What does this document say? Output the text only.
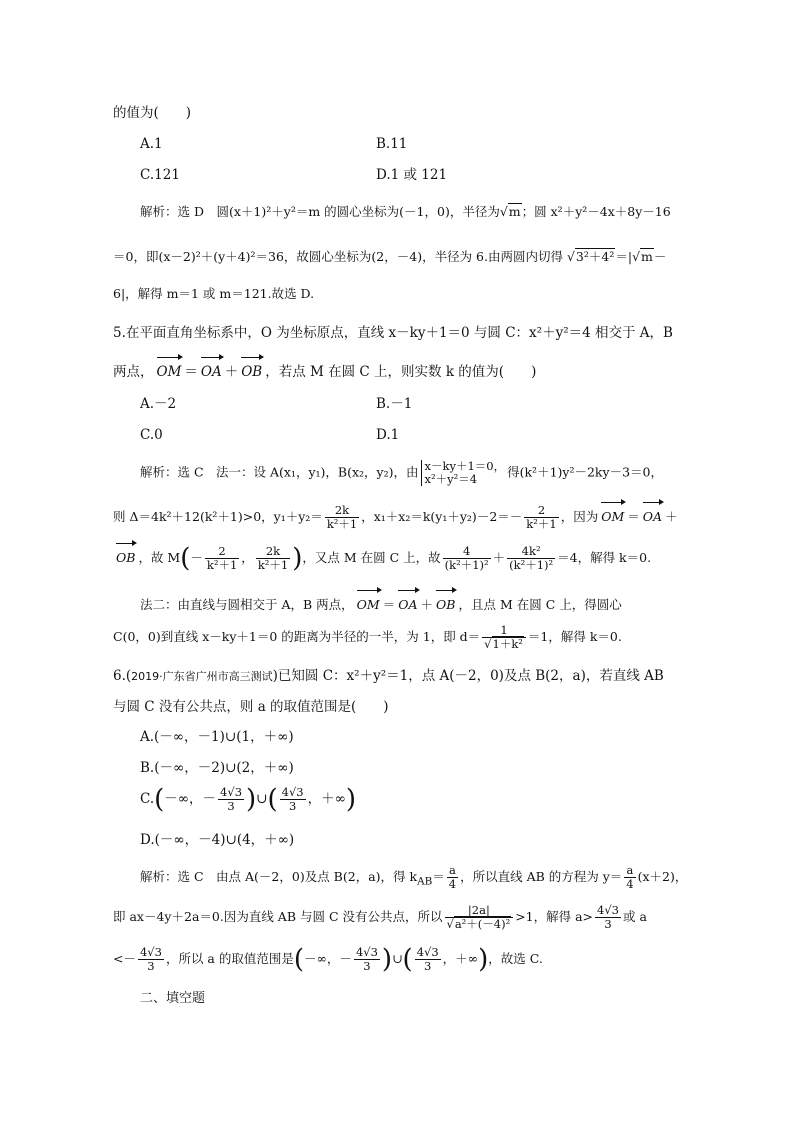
的值为(　　)
A.1	B.11
C.121	D.1 或 121
解析：选 D　圆(x＋1)²＋y²＝m 的圆心坐标为(－1，0)，半径为√m；圆 x²＋y²－4x＋8y－16
＝0，即(x－2)²＋(y＋4)²＝36，故圆心坐标为(2，－4)，半径为 6.由两圆内切得 √3²＋4²＝|√m－
6|，解得 m＝1 或 m＝121.故选 D.
5.在平面直角坐标系中，O 为坐标原点，直线 x－ky＋1＝0 与圆 C：x²＋y²＝4 相交于 A，B
两点， OM ＝ OA ＋ OB ，若点 M 在圆 C 上，则实数 k 的值为(　　)
A.－2	B.－1
C.0	D.1
解析：选 C　法一：设 A(x₁，y₁)，B(x₂，y₂)，由 x－ky＋1＝0，
x²＋y²＝4	得(k²＋1)y²－2ky－3＝0，
则 Δ＝4k²＋12(k²＋1)>0，$y_1+y_2= \frac{2k}{\text{k²＋1}}$ ，$x_1+x_2=k(y_1+y_2)-2=- \frac{2}{\text{k²＋1}}$ ，因为 OM ＝ OA ＋
OB ，故 $M(- \frac{2}{\text{k²＋1}}$ ， $\frac{2k}{\text{k²＋1}}$ )，又点 M 在圆 C 上，故 $\frac{4}{\text{(k²＋1)²}} + \frac{\text{4k²}}{\text{(k²＋1)²}} =4$，解得 k＝0.
法二：由直线与圆相交于 A，B 两点， OM ＝ OA ＋ OB ，且点 M 在圆 C 上，得圆心
C(0，0)到直线 x－ky＋1＝0 的距离为半径的一半，为 1，即 $d= \frac{1}{\text{√1＋k²}} =1$，解得 k＝0.
6.(2019·广东省广州市高三测试)已知圆 C：x²＋y²＝1，点 A(－2，0)及点 B(2，a)，若直线 AB
与圆 C 没有公共点，则 a 的取值范围是(　　)
A.(－∞，－1)∪(1，＋∞)
B.(－∞，－2)∪(2，＋∞)
C.(－∞，－ $\frac{4√3}{3}$ )∪( $\frac{4√3}{3}$ ，＋∞)
D.(－∞，－4)∪(4，＋∞)
解析：选 C　由点 A(－2，0)及点 B(2，a)，得 $k_{AB}= \frac{a}{4}$ ，所以直线 AB 的方程为 $y= \frac{a}{4} (x+2)$，
即 ax－4y＋2a＝0.因为直线 AB 与圆 C 没有公共点，所以 $\frac{|2a|}{\text{√a²＋(－4)²}} >1$，解得 $a> \frac{4√3}{3}$ 或 a
<－ $\frac{4√3}{3}$ ，所以 a 的取值范围是(－∞，－ $\frac{4√3}{3}$ )∪( $\frac{4√3}{3}$ ，＋∞)，故选 C.
二、填空题
